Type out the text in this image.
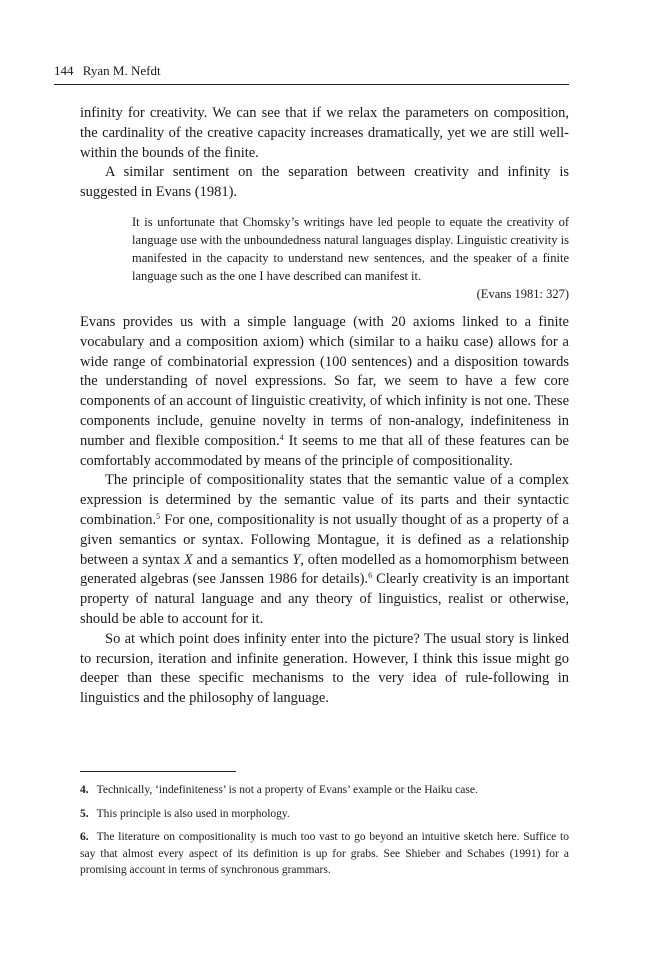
144 Ryan M. Nefdt

infinity for creativity. We can see that if we relax the parameters on composition, the cardinality of the creative capacity increases dramatically, yet we are still well-within the bounds of the finite.

A similar sentiment on the separation between creativity and infinity is suggested in Evans (1981).

It is unfortunate that Chomsky’s writings have led people to equate the creativity of language use with the unboundedness natural languages display. Linguistic creativity is manifested in the capacity to understand new sentences, and the speaker of a finite language such as the one I have described can manifest it.
(Evans 1981: 327)

Evans provides us with a simple language (with 20 axioms linked to a finite vocabulary and a composition axiom) which (similar to a haiku case) allows for a wide range of combinatorial expression (100 sentences) and a disposition towards the understanding of novel expressions. So far, we seem to have a few core components of an account of linguistic creativity, of which infinity is not one. These components include, genuine novelty in terms of non-analogy, indefiniteness in number and flexible composition.$^4$ It seems to me that all of these features can be comfortably accommodated by means of the principle of compositionality.

The principle of compositionality states that the semantic value of a complex expression is determined by the semantic value of its parts and their syntactic combination.$^5$ For one, compositionality is not usually thought of as a property of a given semantics or syntax. Following Montague, it is defined as a relationship between a syntax X and a semantics Y, often modelled as a homomorphism between generated algebras (see Janssen 1986 for details).$^6$ Clearly creativity is an important property of natural language and any theory of linguistics, realist or otherwise, should be able to account for it.

So at which point does infinity enter into the picture? The usual story is linked to recursion, iteration and infinite generation. However, I think this issue might go deeper than these specific mechanisms to the very idea of rule-following in linguistics and the philosophy of language.

4. Technically, ‘indefiniteness’ is not a property of Evans’ example or the Haiku case.

5. This principle is also used in morphology.

6. The literature on compositionality is much too vast to go beyond an intuitive sketch here. Suffice to say that almost every aspect of its definition is up for grabs. See Shieber and Schabes (1991) for a promising account in terms of synchronous grammars.
